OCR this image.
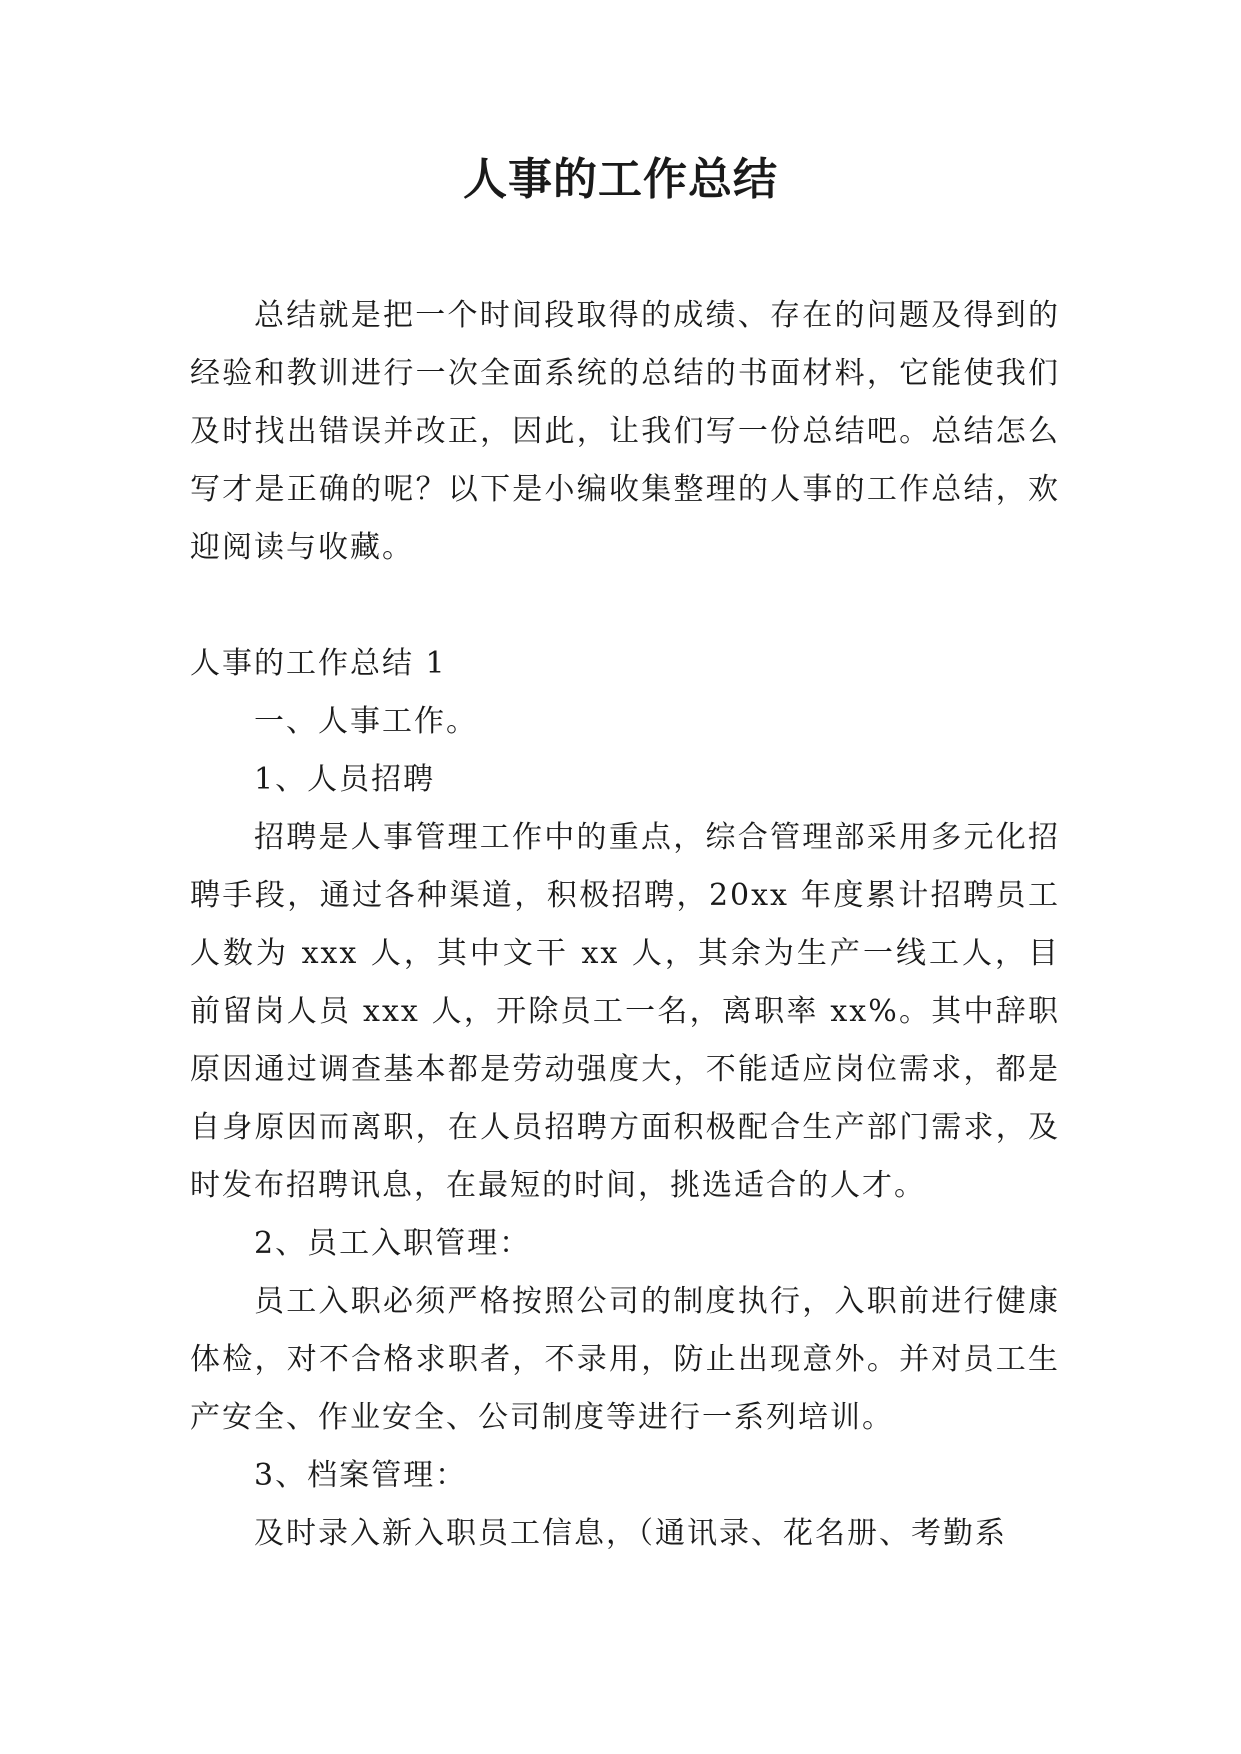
人事的工作总结

总结就是把一个时间段取得的成绩、存在的问题及得到的经验和教训进行一次全面系统的总结的书面材料，它能使我们及时找出错误并改正，因此，让我们写一份总结吧。总结怎么写才是正确的呢？以下是小编收集整理的人事的工作总结，欢迎阅读与收藏。

人事的工作总结 1

一、人事工作。

1、人员招聘

招聘是人事管理工作中的重点，综合管理部采用多元化招聘手段，通过各种渠道，积极招聘，20xx 年度累计招聘员工人数为 xxx 人，其中文干 xx 人，其余为生产一线工人，目前留岗人员 xxx 人，开除员工一名，离职率 xx%。其中辞职原因通过调查基本都是劳动强度大，不能适应岗位需求，都是自身原因而离职，在人员招聘方面积极配合生产部门需求，及时发布招聘讯息，在最短的时间，挑选适合的人才。

2、员工入职管理：

员工入职必须严格按照公司的制度执行，入职前进行健康体检，对不合格求职者，不录用，防止出现意外。并对员工生产安全、作业安全、公司制度等进行一系列培训。

3、档案管理：

及时录入新入职员工信息，（通讯录、花名册、考勤系
